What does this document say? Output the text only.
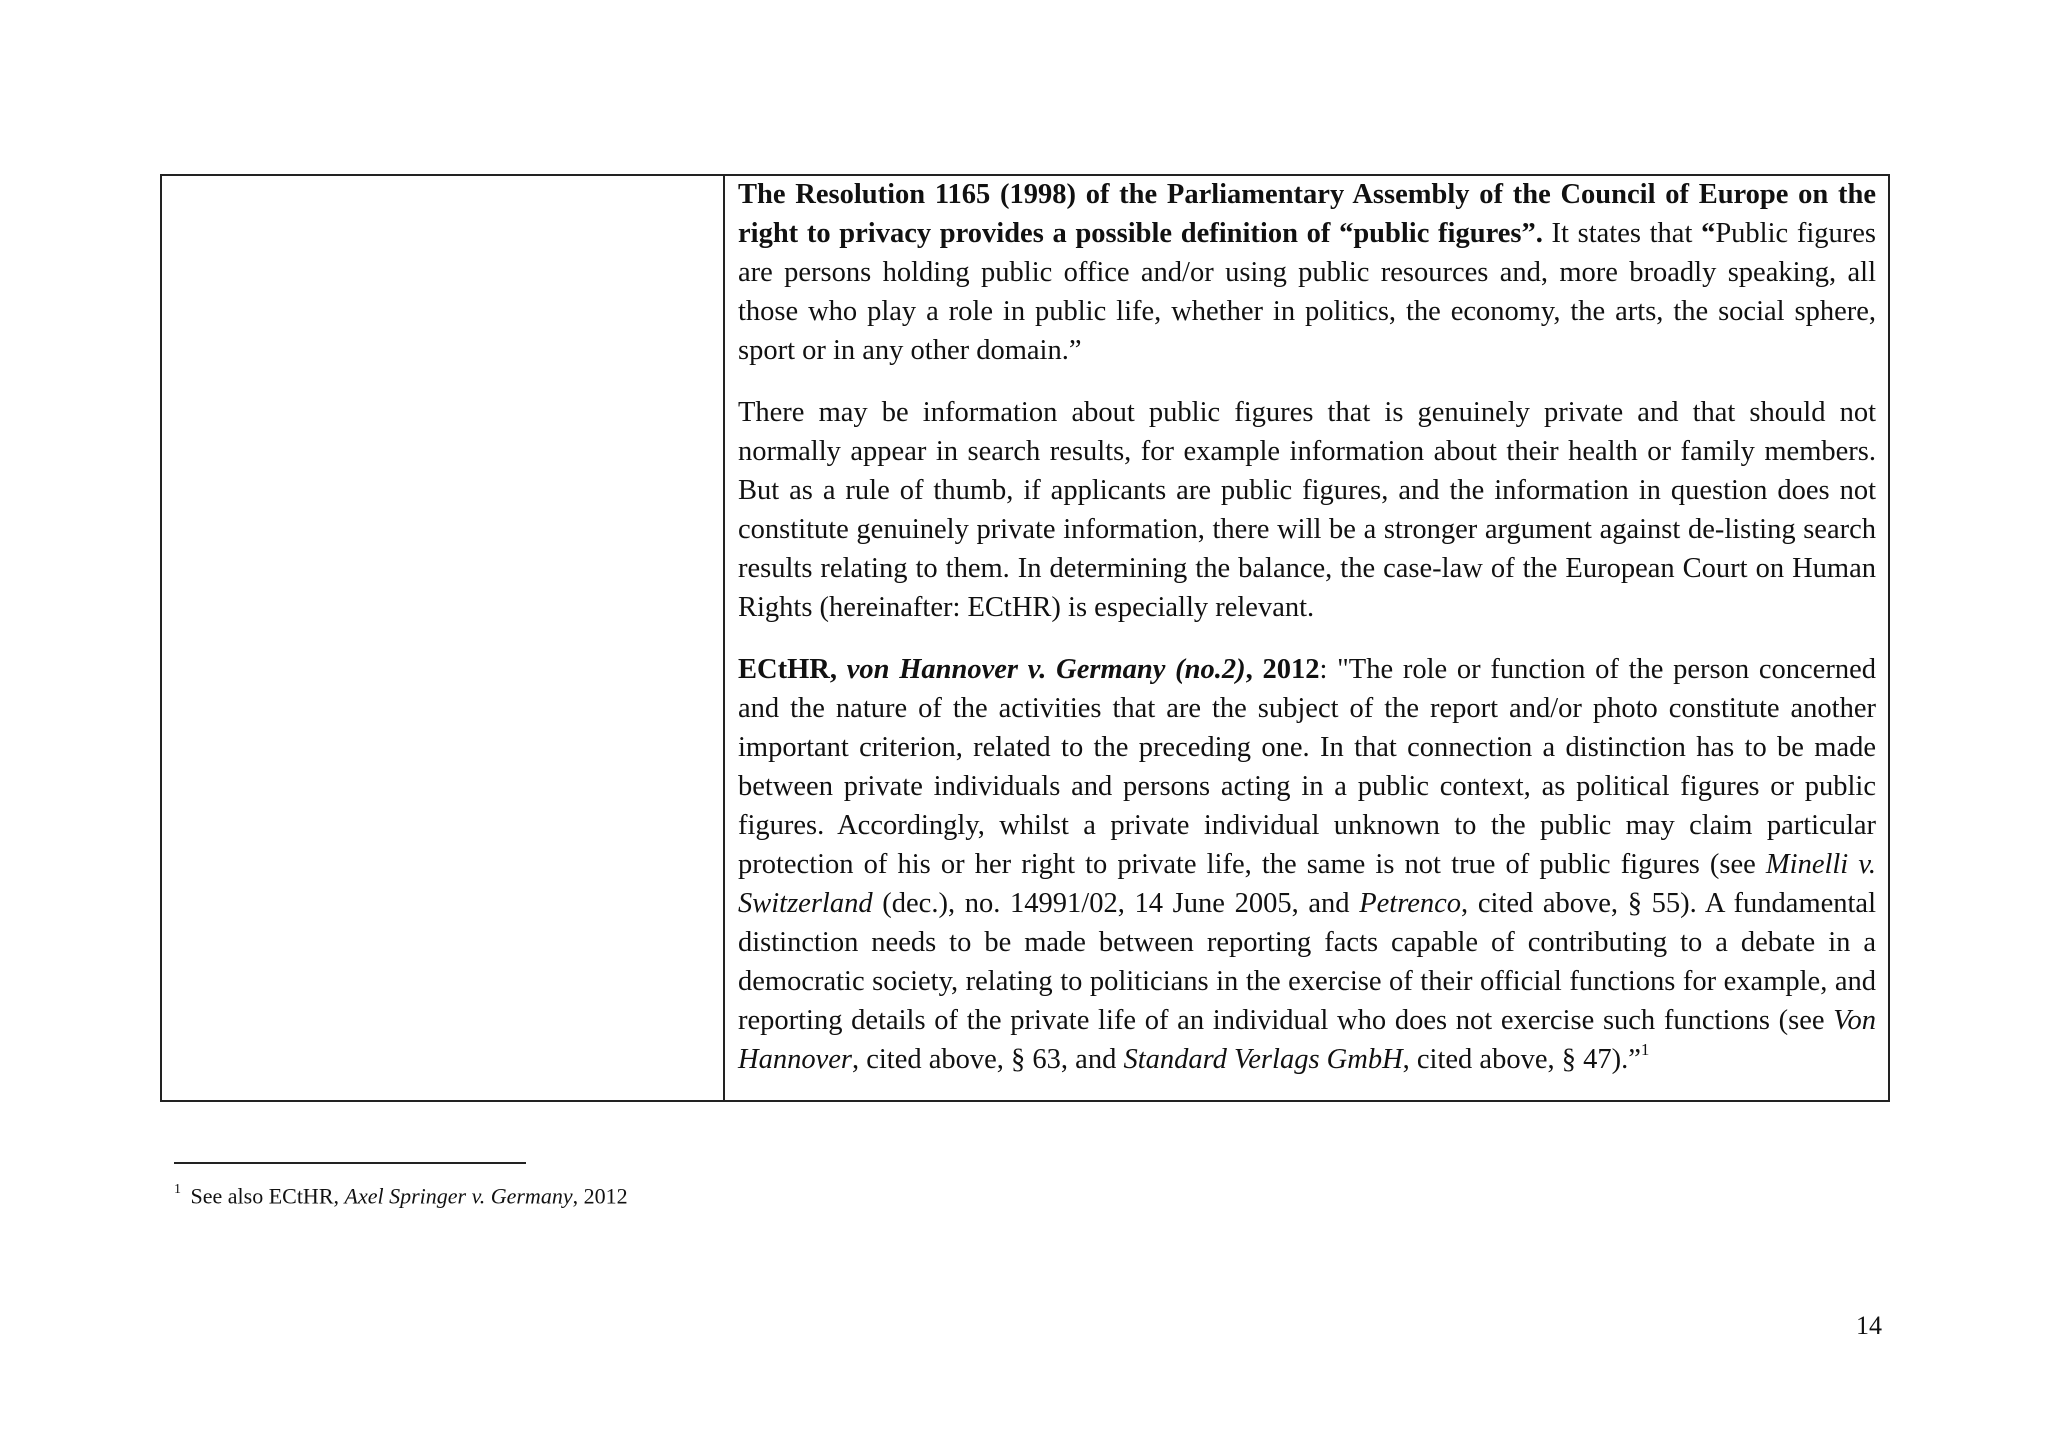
The Resolution 1165 (1998) of the Parliamentary Assembly of the Council of Europe on the right to privacy provides a possible definition of “public figures”. It states that “Public figures are persons holding public office and/or using public resources and, more broadly speaking, all those who play a role in public life, whether in politics, the economy, the arts, the social sphere, sport or in any other domain.”

There may be information about public figures that is genuinely private and that should not normally appear in search results, for example information about their health or family members. But as a rule of thumb, if applicants are public figures, and the information in question does not constitute genuinely private information, there will be a stronger argument against de-listing search results relating to them. In determining the balance, the case-law of the European Court on Human Rights (hereinafter: ECtHR) is especially relevant.

ECtHR, von Hannover v. Germany (no.2), 2012: "The role or function of the person concerned and the nature of the activities that are the subject of the report and/or photo constitute another important criterion, related to the preceding one. In that connection a distinction has to be made between private individuals and persons acting in a public context, as political figures or public figures. Accordingly, whilst a private individual unknown to the public may claim particular protection of his or her right to private life, the same is not true of public figures (see Minelli v. Switzerland (dec.), no. 14991/02, 14 June 2005, and Petrenco, cited above, § 55). A fundamental distinction needs to be made between reporting facts capable of contributing to a debate in a democratic society, relating to politicians in the exercise of their official functions for example, and reporting details of the private life of an individual who does not exercise such functions (see Von Hannover, cited above, § 63, and Standard Verlags GmbH, cited above, § 47).”$^1$

$^1$ See also ECtHR, Axel Springer v. Germany, 2012

14
